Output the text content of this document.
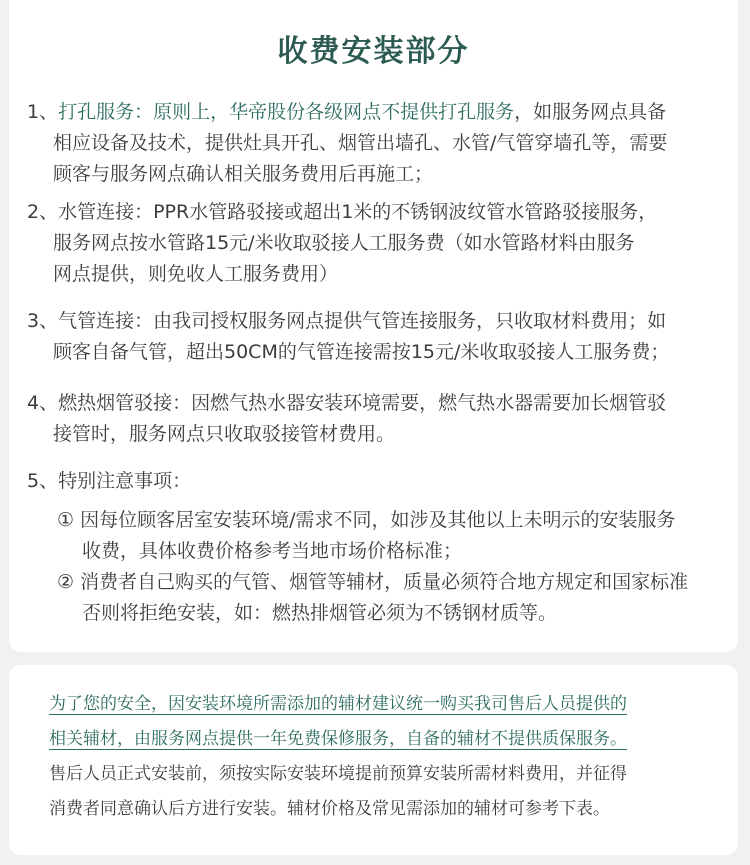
收费安装部分
1、打孔服务：原则上，华帝股份各级网点不提供打孔服务，如服务网点具备
相应设备及技术，提供灶具开孔、烟管出墙孔、水管/气管穿墙孔等，需要
顾客与服务网点确认相关服务费用后再施工；
2、水管连接：PPR水管路驳接或超出1米的不锈钢波纹管水管路驳接服务，
服务网点按水管路15元/米收取驳接人工服务费（如水管路材料由服务
网点提供，则免收人工服务费用）
3、气管连接：由我司授权服务网点提供气管连接服务，只收取材料费用；如
顾客自备气管，超出50CM的气管连接需按15元/米收取驳接人工服务费；
4、燃热烟管驳接：因燃气热水器安装环境需要，燃气热水器需要加长烟管驳
接管时，服务网点只收取驳接管材费用。
5、特别注意事项：
① 因每位顾客居室安装环境/需求不同，如涉及其他以上未明示的安装服务
收费，具体收费价格参考当地市场价格标准；
② 消费者自己购买的气管、烟管等辅材，质量必须符合地方规定和国家标准
否则将拒绝安装，如：燃热排烟管必须为不锈钢材质等。
为了您的安全，因安装环境所需添加的辅材建议统一购买我司售后人员提供的
相关辅材，由服务网点提供一年免费保修服务，自备的辅材不提供质保服务。
售后人员正式安装前，须按实际安装环境提前预算安装所需材料费用，并征得
消费者同意确认后方进行安装。辅材价格及常见需添加的辅材可参考下表。
